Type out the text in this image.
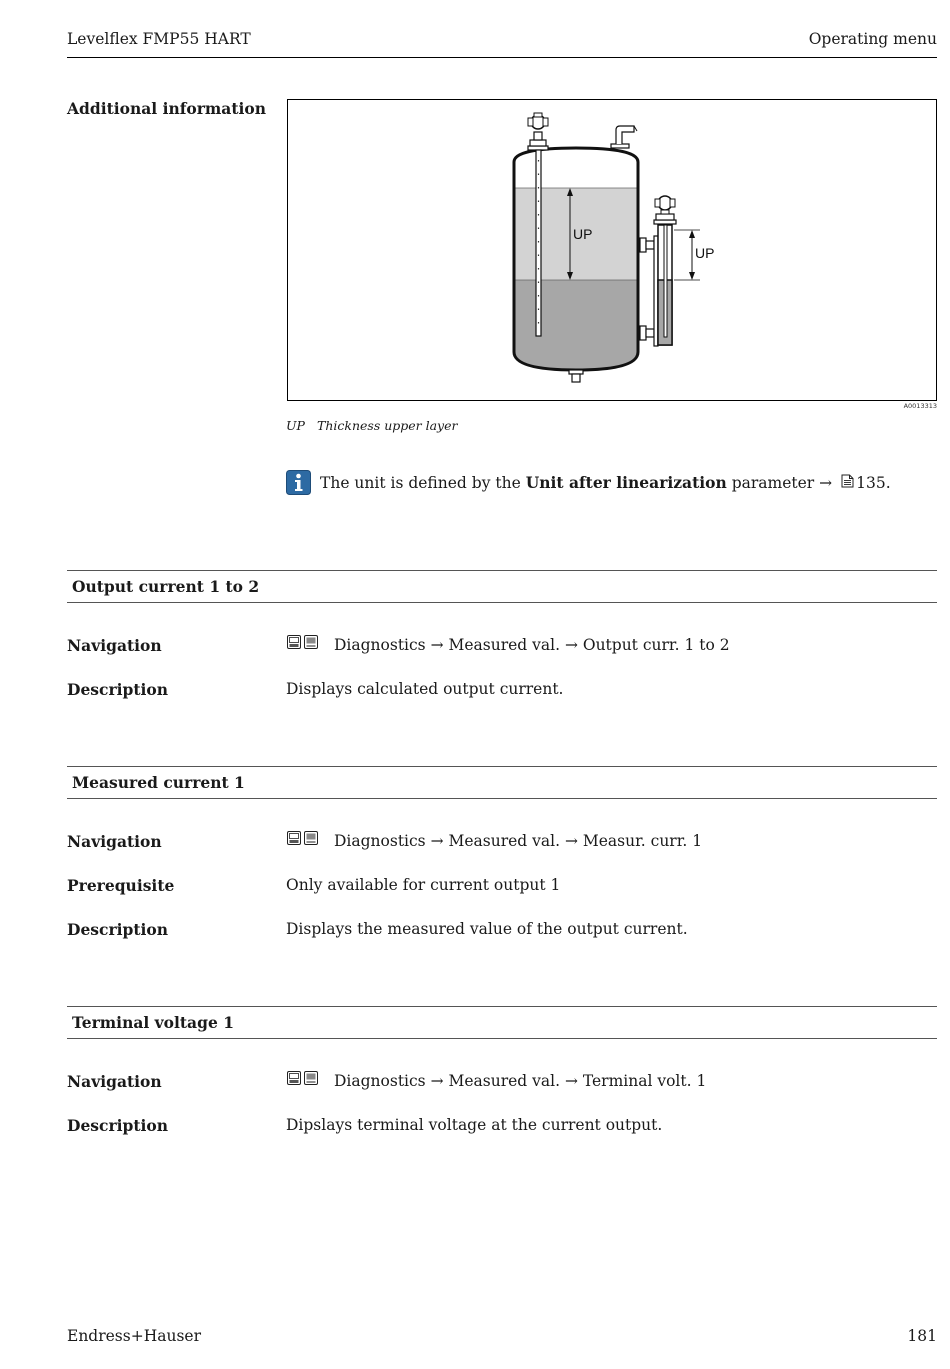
Levelflex FMP55 HART	Operating menu
Additional information
UP
UP
A0013313
UP Thickness upper layer
The unit is defined by the
Unit after linearization
parameter → 135.
Output current 1 to 2
Navigation	Diagnostics → Measured val. → Output curr. 1 to 2
Description	Displays calculated output current.
Measured current 1
Navigation	Diagnostics → Measured val. → Measur. curr. 1
Prerequisite	Only available for current output 1
Description	Displays the measured value of the output current.
Terminal voltage 1
Navigation	Diagnostics → Measured val. → Terminal volt. 1
Description	Dipslays terminal voltage at the current output.
Endress+Hauser	181
